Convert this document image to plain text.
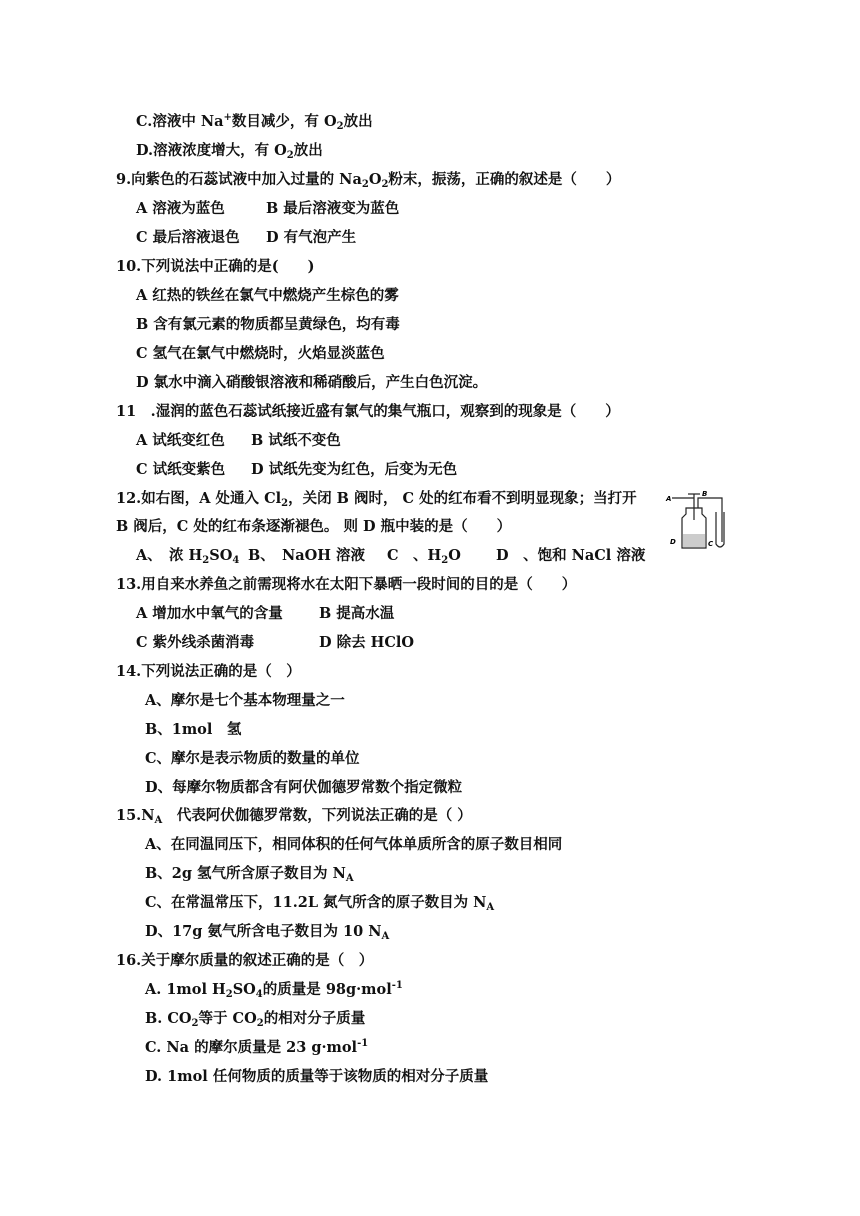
C.溶液中 Na+数目减少，有 $O_2$放出
D.溶液浓度增大，有 $O_2$放出
9.向紫色的石蕊试液中加入过量的 $Na_2O_2$粉末，振荡，正确的叙述是（　　）
A 溶液为蓝色	B 最后溶液变为蓝色
C 最后溶液退色 D 有气泡产生
10.下列说法中正确的是(　　)
A 红热的铁丝在氯气中燃烧产生棕色的雾
B 含有氯元素的物质都呈黄绿色，均有毒
C 氢气在氯气中燃烧时，火焰显淡蓝色
D 氯水中滴入硝酸银溶液和稀硝酸后，产生白色沉淀。
11　.湿润的蓝色石蕊试纸接近盛有氯气的集气瓶口，观察到的现象是（　　）
A 试纸变红色 B 试纸不变色
C 试纸变紫色 D 试纸先变为红色，后变为无色
12.如右图，A 处通入 $Cl_2$，关闭 B 阀时， C 处的红布看不到明显现象；当打开
B 阀后，C 处的红布条逐渐褪色。 则 D 瓶中装的是（　　）
A、　浓 $H_2SO_4$ B、　NaOH 溶液 C　、$H_2O$ D　、饱和 NaCl 溶液
A
B
D	C
13.用自来水养鱼之前需现将水在太阳下暴晒一段时间的目的是（　　）
A 增加水中氧气的含量 B 提高水温
C 紫外线杀菌消毒	D 除去 HClO
14.下列说法正确的是（　）
A、摩尔是七个基本物理量之一
B、1mol　氢
C、摩尔是表示物质的数量的单位
D、每摩尔物质都含有阿伏伽德罗常数个指定微粒
$15.N_A$　代表阿伏伽德罗常数，下列说法正确的是（ ）
A、在同温同压下，相同体积的任何气体单质所含的原子数目相同
B、2g 氢气所含原子数目为 $N_A$
C、在常温常压下，11.2L 氮气所含的原子数目为 $N_A$
D、17g 氨气所含电子数目为 10 $N_A$
16.关于摩尔质量的叙述正确的是（　）
A. 1mol $H_2SO_4$的质量是 98g·mol$^{-1}$
B. $CO_2$等于 $CO_2$的相对分子质量
C. Na 的摩尔质量是 23 g·mol$^{-1}$
D. 1mol 任何物质的质量等于该物质的相对分子质量
